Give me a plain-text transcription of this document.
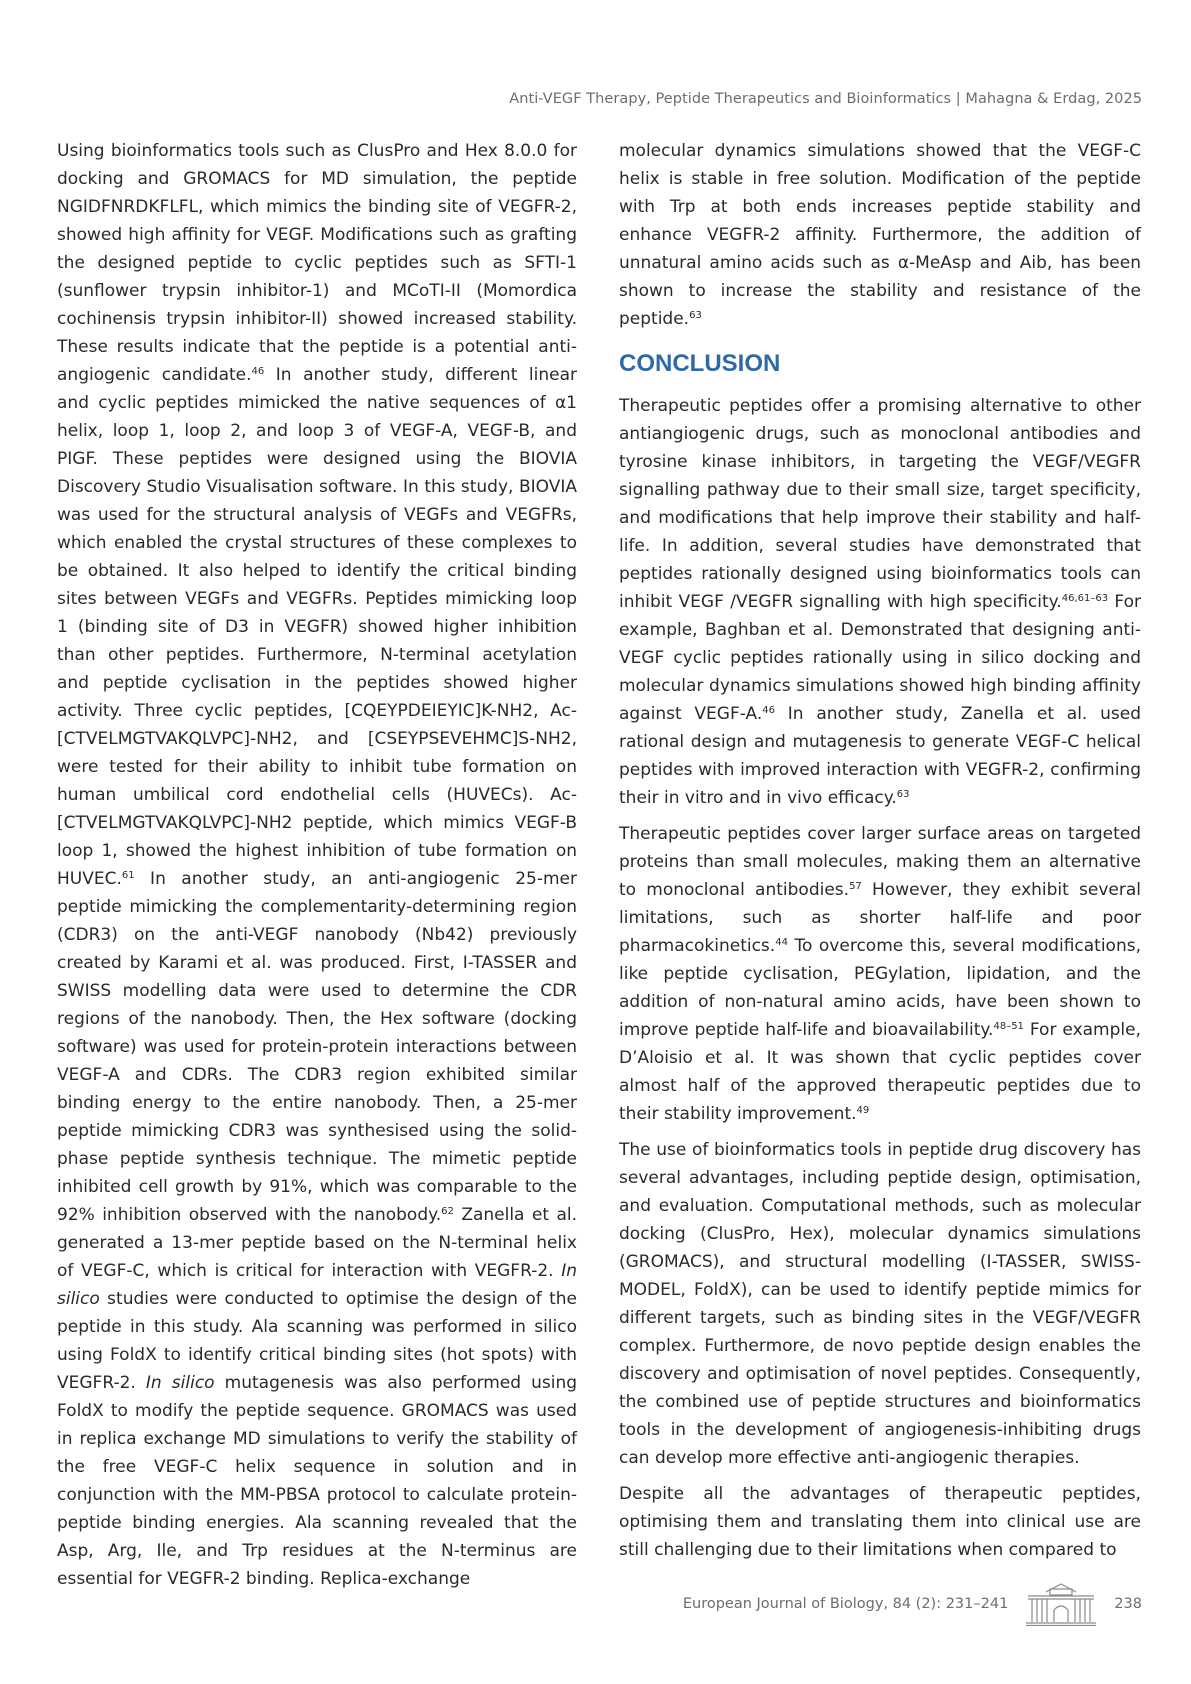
Anti-VEGF Therapy, Peptide Therapeutics and Bioinformatics | Mahagna & Erdag, 2025

Using bioinformatics tools such as ClusPro and Hex 8.0.0 for docking and GROMACS for MD simulation, the peptide NGIDFNRDKFLFL, which mimics the binding site of VEGFR-2, showed high affinity for VEGF. Modifications such as grafting the designed peptide to cyclic peptides such as SFTI-1 (sunflower trypsin inhibitor-1) and MCoTI-II (Momordica cochinensis trypsin inhibitor-II) showed increased stability. These results indicate that the peptide is a potential anti-angiogenic candidate.$^{46}$ In another study, different linear and cyclic peptides mimicked the native sequences of α1 helix, loop 1, loop 2, and loop 3 of VEGF-A, VEGF-B, and PIGF. These peptides were designed using the BIOVIA Discovery Studio Visualisation software. In this study, BIOVIA was used for the structural analysis of VEGFs and VEGFRs, which enabled the crystal structures of these complexes to be obtained. It also helped to identify the critical binding sites between VEGFs and VEGFRs. Peptides mimicking loop 1 (binding site of D3 in VEGFR) showed higher inhibition than other peptides. Furthermore, N-terminal acetylation and peptide cyclisation in the peptides showed higher activity. Three cyclic peptides, [CQEYPDEIEYIC]K-NH2, Ac-[CTVELMGTVAKQLVPC]-NH2, and [CSEYPSEVEHMC]S-NH2, were tested for their ability to inhibit tube formation on human umbilical cord endothelial cells (HUVECs). Ac-[CTVELMGTVAKQLVPC]-NH2 peptide, which mimics VEGF-B loop 1, showed the highest inhibition of tube formation on HUVEC.$^{61}$ In another study, an anti-angiogenic 25-mer peptide mimicking the complementarity-determining region (CDR3) on the anti-VEGF nanobody (Nb42) previously created by Karami et al. was produced. First, I-TASSER and SWISS modelling data were used to determine the CDR regions of the nanobody. Then, the Hex software (docking software) was used for protein-protein interactions between VEGF-A and CDRs. The CDR3 region exhibited similar binding energy to the entire nanobody. Then, a 25-mer peptide mimicking CDR3 was synthesised using the solid-phase peptide synthesis technique. The mimetic peptide inhibited cell growth by 91%, which was comparable to the 92% inhibition observed with the nanobody.$^{62}$ Zanella et al. generated a 13-mer peptide based on the N-terminal helix of VEGF-C, which is critical for interaction with VEGFR-2. In silico studies were conducted to optimise the design of the peptide in this study. Ala scanning was performed in silico using FoldX to identify critical binding sites (hot spots) with VEGFR-2. In silico mutagenesis was also performed using FoldX to modify the peptide sequence. GROMACS was used in replica exchange MD simulations to verify the stability of the free VEGF-C helix sequence in solution and in conjunction with the MM-PBSA protocol to calculate protein-peptide binding energies. Ala scanning revealed that the Asp, Arg, Ile, and Trp residues at the N-terminus are essential for VEGFR-2 binding. Replica-exchange

molecular dynamics simulations showed that the VEGF-C helix is stable in free solution. Modification of the peptide with Trp at both ends increases peptide stability and enhance VEGFR-2 affinity. Furthermore, the addition of unnatural amino acids such as α-MeAsp and Aib, has been shown to increase the stability and resistance of the peptide.$^{63}$

CONCLUSION

Therapeutic peptides offer a promising alternative to other antiangiogenic drugs, such as monoclonal antibodies and tyrosine kinase inhibitors, in targeting the VEGF/VEGFR signalling pathway due to their small size, target specificity, and modifications that help improve their stability and half-life. In addition, several studies have demonstrated that peptides rationally designed using bioinformatics tools can inhibit VEGF /VEGFR signalling with high specificity.$^{46,61-63}$ For example, Baghban et al. Demonstrated that designing anti-VEGF cyclic peptides rationally using in silico docking and molecular dynamics simulations showed high binding affinity against VEGF-A.$^{46}$ In another study, Zanella et al. used rational design and mutagenesis to generate VEGF-C helical peptides with improved interaction with VEGFR-2, confirming their in vitro and in vivo efficacy.$^{63}$

Therapeutic peptides cover larger surface areas on targeted proteins than small molecules, making them an alternative to monoclonal antibodies.$^{57}$ However, they exhibit several limitations, such as shorter half-life and poor pharmacokinetics.$^{44}$ To overcome this, several modifications, like peptide cyclisation, PEGylation, lipidation, and the addition of non-natural amino acids, have been shown to improve peptide half-life and bioavailability.$^{48-51}$ For example, D’Aloisio et al. It was shown that cyclic peptides cover almost half of the approved therapeutic peptides due to their stability improvement.$^{49}$

The use of bioinformatics tools in peptide drug discovery has several advantages, including peptide design, optimisation, and evaluation. Computational methods, such as molecular docking (ClusPro, Hex), molecular dynamics simulations (GROMACS), and structural modelling (I-TASSER, SWISS-MODEL, FoldX), can be used to identify peptide mimics for different targets, such as binding sites in the VEGF/VEGFR complex. Furthermore, de novo peptide design enables the discovery and optimisation of novel peptides. Consequently, the combined use of peptide structures and bioinformatics tools in the development of angiogenesis-inhibiting drugs can develop more effective anti-angiogenic therapies.

Despite all the advantages of therapeutic peptides, optimising them and translating them into clinical use are still challenging due to their limitations when compared to

European Journal of Biology, 84 (2): 231–241	238
